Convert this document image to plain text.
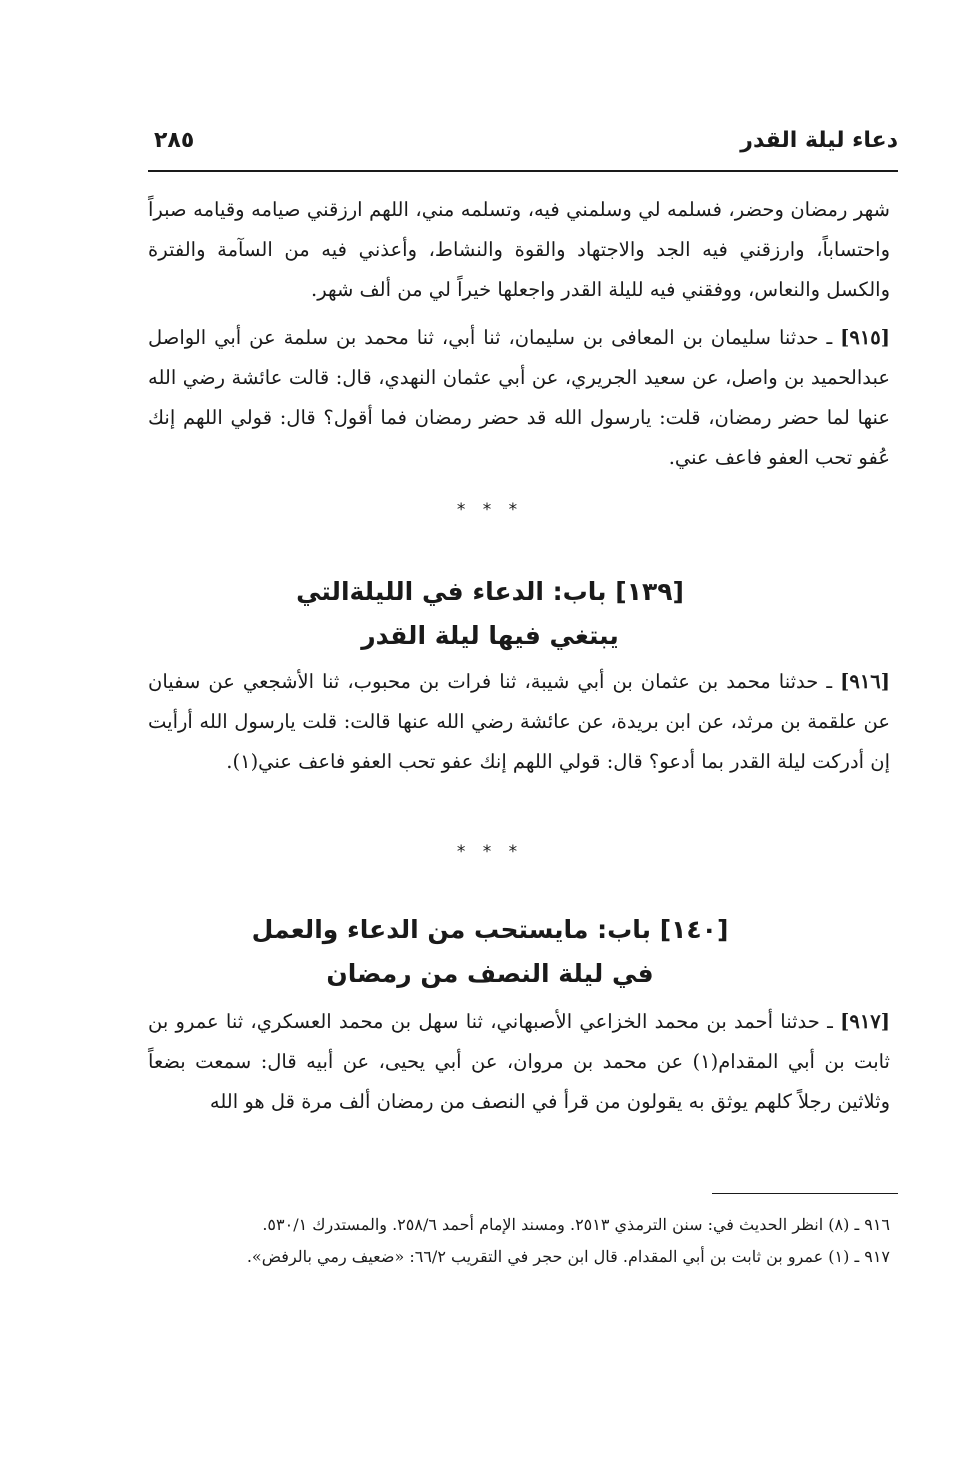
دعاء ليلة القدر
٢٨٥

شهر رمضان وحضر، فسلمه لي وسلمني فيه، وتسلمه مني، اللهم ارزقني صيامه وقيامه صبراً واحتساباً، وارزقني فيه الجد والاجتهاد والقوة والنشاط، وأعذني فيه من السآمة والفترة والكسل والنعاس، ووفقني فيه لليلة القدر واجعلها خيراً لي من ألف شهر.

[٩١٥] ـ حدثنا سليمان بن المعافى بن سليمان، ثنا أبي، ثنا محمد بن سلمة عن أبي الواصل عبدالحميد بن واصل، عن سعيد الجريري، عن أبي عثمان النهدي، قال: قالت عائشة رضي الله عنها لما حضر رمضان، قلت: يارسول الله قد حضر رمضان فما أقول؟ قال: قولي اللهم إنك عُفو تحب العفو فاعف عني.

* * *
[١٣٩] باب: الدعاء في الليلةالتي
يبتغي فيها ليلة القدر

[٩١٦] ـ حدثنا محمد بن عثمان بن أبي شيبة، ثنا فرات بن محبوب، ثنا الأشجعي عن سفيان عن علقمة بن مرثد، عن ابن بريدة، عن عائشة رضي الله عنها قالت: قلت يارسول الله أرأيت إن أدركت ليلة القدر بما أدعو؟ قال: قولي اللهم إنك عفو تحب العفو فاعف عني(١).

* * *
[١٤٠] باب: مايستحب من الدعاء والعمل
في ليلة النصف من رمضان

[٩١٧] ـ حدثنا أحمد بن محمد الخزاعي الأصبهاني، ثنا سهل بن محمد العسكري، ثنا عمرو بن ثابت بن أبي المقدام(١) عن محمد بن مروان، عن أبي يحيى، عن أبيه قال: سمعت بضعاً وثلاثين رجلاً كلهم يوثق به يقولون من قرأ في النصف من رمضان ألف مرة قل هو الله

٩١٦ ـ (٨) انظر الحديث في: سنن الترمذي ٢٥١٣. ومسند الإمام أحمد ٢٥٨/٦. والمستدرك ٥٣٠/١.

٩١٧ ـ (١) عمرو بن ثابت بن أبي المقدام. قال ابن حجر في التقريب ٦٦/٢: «ضعيف رمي بالرفض».
